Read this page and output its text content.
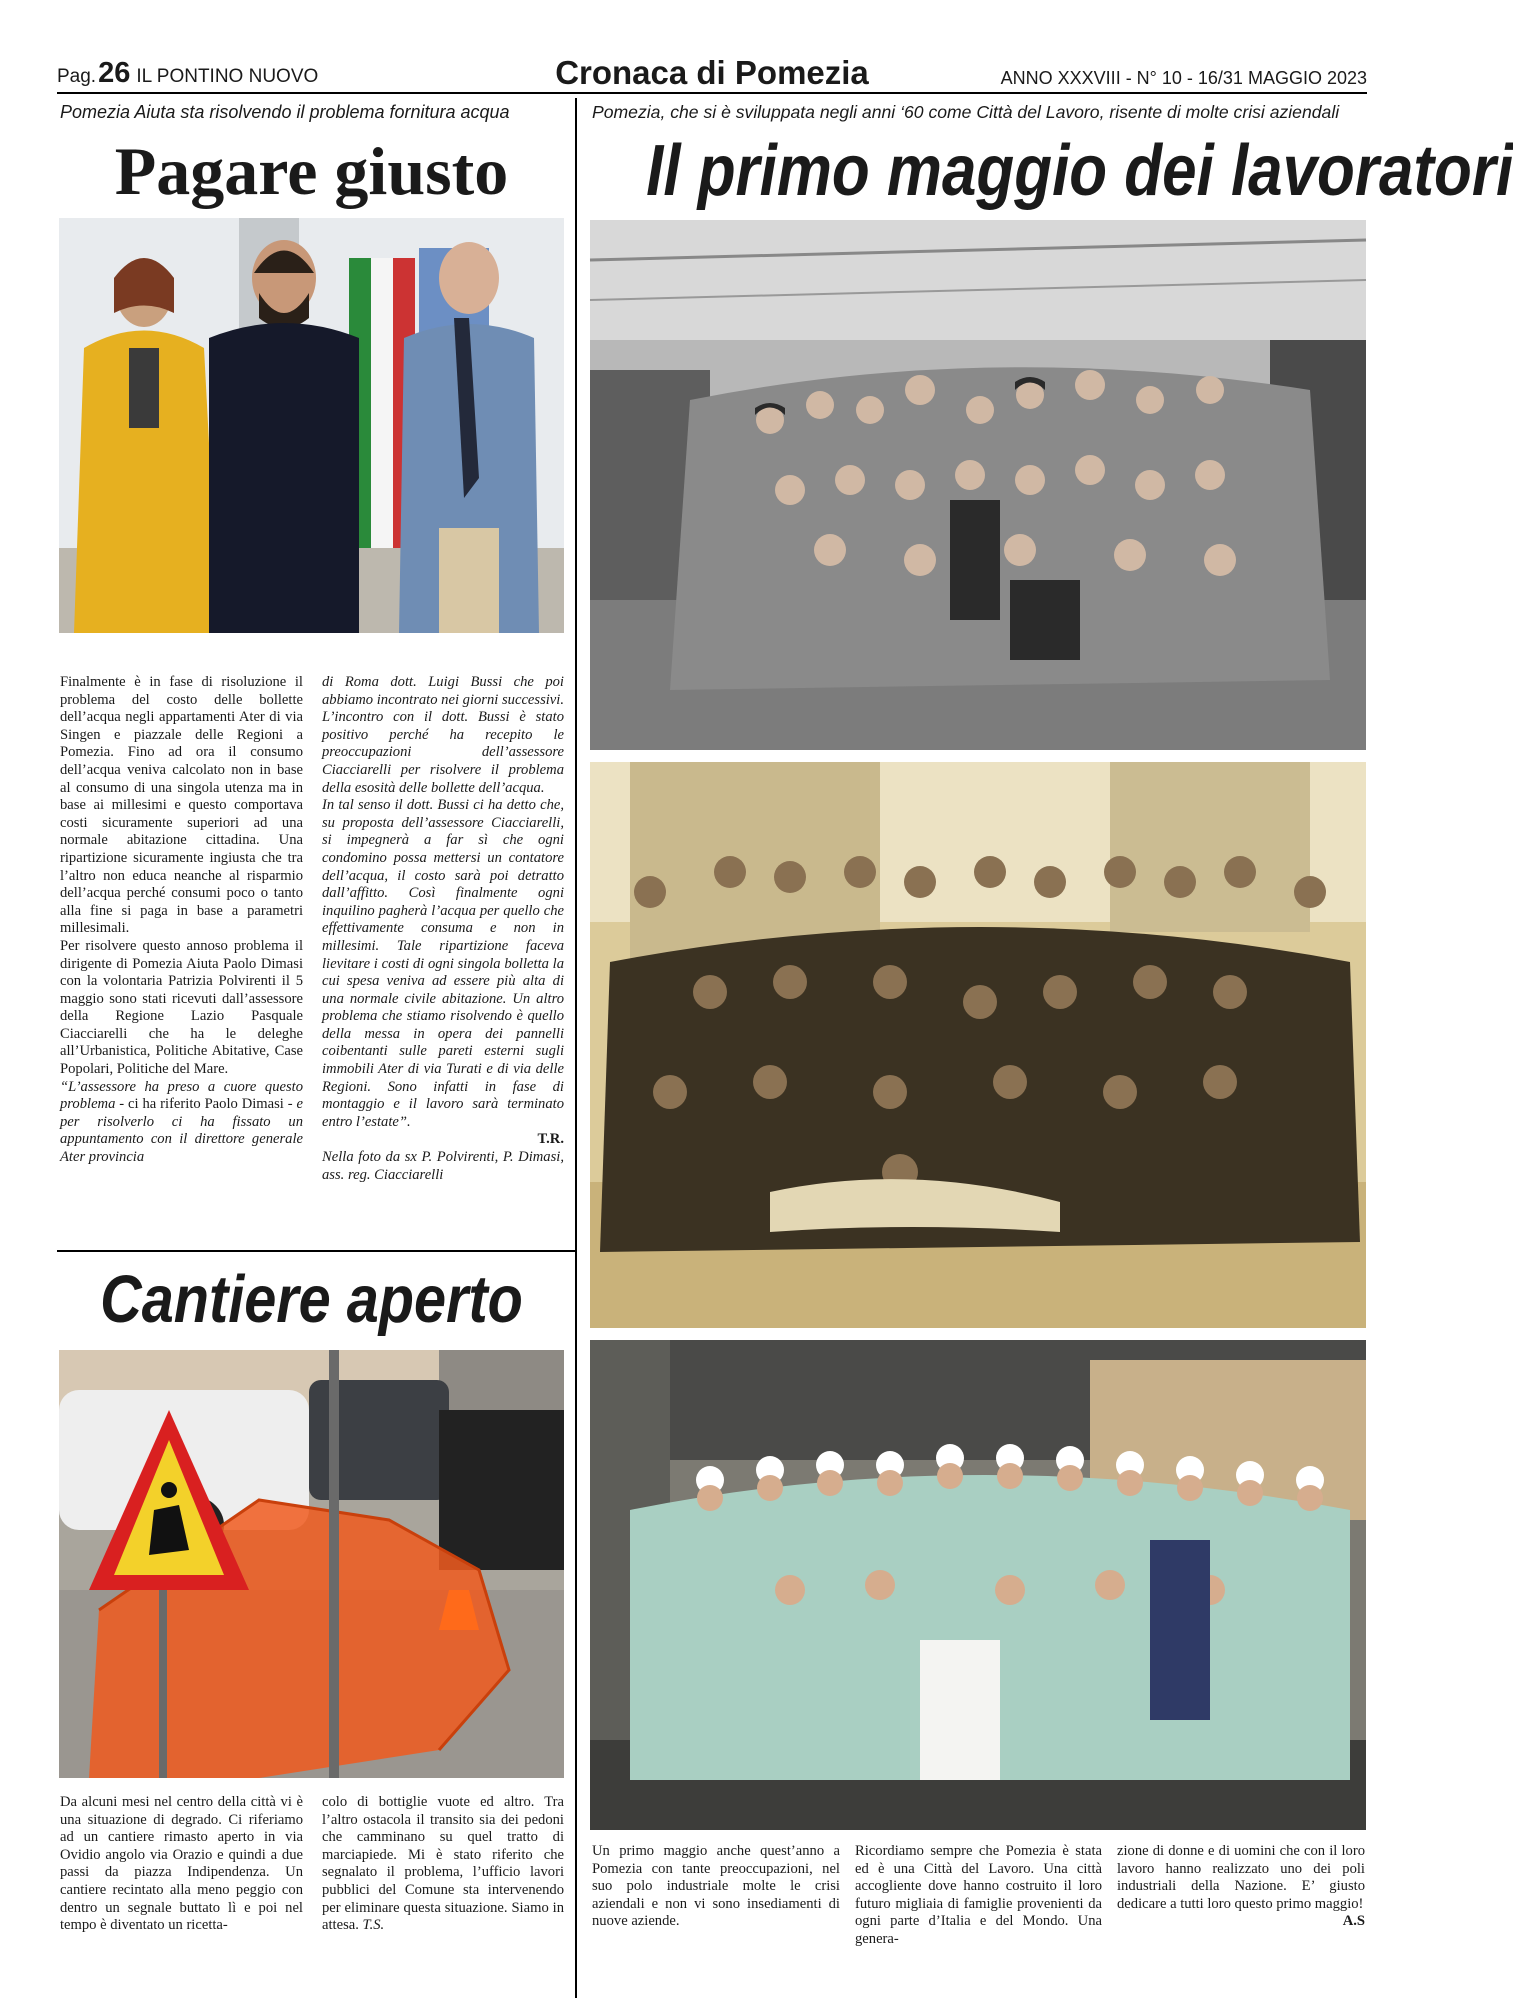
Pag.26 IL PONTINO NUOVO	Cronaca di Pomezia	ANNO XXXVIII - N° 10 - 16/31 MAGGIO 2023
Pomezia Aiuta sta risolvendo il problema fornitura acqua
Pagare giusto

Finalmente è in fase di risoluzione il problema del costo delle bollette dell’acqua negli appartamenti Ater di via Singen e piazzale delle Regioni a Pomezia. Fino ad ora il consumo dell’acqua veniva calcolato non in base al consumo di una singola utenza ma in base ai millesimi e questo comportava costi sicuramente superiori ad una normale abitazione cittadina. Una ripartizione sicuramente ingiusta che tra l’altro non educa neanche al risparmio dell’acqua perché consumi poco o tanto alla fine si paga in base a parametri millesimali.

Per risolvere questo annoso problema il dirigente di Pomezia Aiuta Paolo Dimasi con la volontaria Patrizia Polvirenti il 5 maggio sono stati ricevuti dall’assessore della Regione Lazio Pasquale Ciacciarelli che ha le deleghe all’Urbanistica, Politiche Abitative, Case Popolari, Politiche del Mare.

“L’assessore ha preso a cuore questo problema - ci ha riferito Paolo Dimasi - e per risolverlo ci ha fissato un appuntamento con il direttore generale Ater provincia

di Roma dott. Luigi Bussi che poi abbiamo incontrato nei giorni successivi. L’incontro con il dott. Bussi è stato positivo perché ha recepito le preoccupazioni dell’assessore Ciacciarelli per risolvere il problema della esosità delle bollette dell’acqua.

In tal senso il dott. Bussi ci ha detto che, su proposta dell’assessore Ciacciarelli, si impegnerà a far sì che ogni condomino possa mettersi un contatore dell’acqua, il costo sarà poi detratto dall’affitto. Così finalmente ogni inquilino pagherà l’acqua per quello che effettivamente consuma e non in millesimi. Tale ripartizione faceva lievitare i costi di ogni singola bolletta la cui spesa veniva ad essere più alta di una normale civile abitazione. Un altro problema che stiamo risolvendo è quello della messa in opera dei pannelli coibentanti sulle pareti esterni sugli immobili Ater di via Turati e di via delle Regioni. Sono infatti in fase di montaggio e il lavoro sarà terminato entro l’estate”.

T.R.

Nella foto da sx P. Polvirenti, P. Dimasi, ass. reg. Ciacciarelli

Cantiere aperto

Da alcuni mesi nel centro della città vi è una situazione di degrado. Ci riferiamo ad un cantiere rimasto aperto in via Ovidio angolo via Orazio e quindi a due passi da piazza Indipendenza. Un cantiere recintato alla meno peggio con dentro un segnale buttato lì e poi nel tempo è diventato un ricetta-

colo di bottiglie vuote ed altro. Tra l’altro ostacola il transito sia dei pedoni che camminano su quel tratto di marciapiede. Mi è stato riferito che segnalato il problema, l’ufficio lavori pubblici del Comune sta intervenendo per eliminare questa situazione. Siamo in attesa. T.S.

Pomezia, che si è sviluppata negli anni ‘60 come Città del Lavoro, risente di molte crisi aziendali
Il primo maggio dei lavoratori

Un primo maggio anche quest’anno a Pomezia con tante preoccupazioni, nel suo polo industriale molte le crisi aziendali e non vi sono insediamenti di nuove aziende.

Ricordiamo sempre che Pomezia è stata ed è una Città del Lavoro. Una città accogliente dove hanno costruito il loro futuro migliaia di famiglie provenienti da ogni parte d’Italia e del Mondo. Una genera-

zione di donne e di uomini che con il loro lavoro hanno realizzato uno dei poli industriali della Nazione. E’ giusto dedicare a tutti loro questo primo maggio!

A.S
